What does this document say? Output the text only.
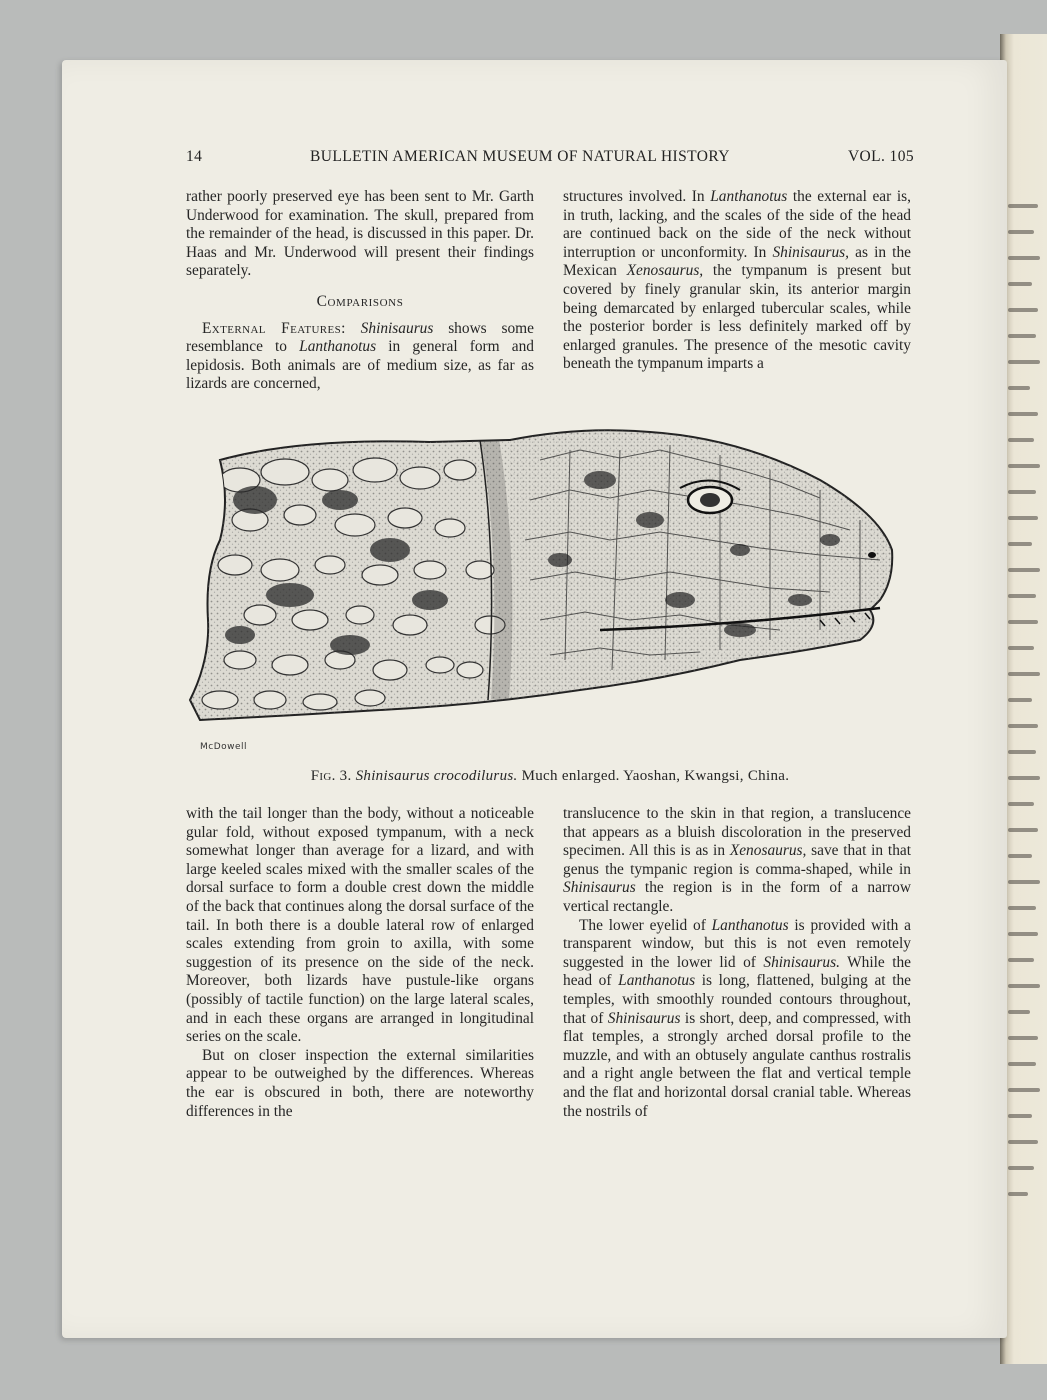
14	BULLETIN AMERICAN MUSEUM OF NATURAL HISTORY	VOL. 105

rather poorly preserved eye has been sent to Mr. Garth Underwood for examination. The skull, prepared from the remainder of the head, is discussed in this paper. Dr. Haas and Mr. Underwood will present their findings separately.

Comparisons

External Features: Shinisaurus shows some resemblance to Lanthanotus in general form and lepidosis. Both animals are of medium size, as far as lizards are concerned,

structures involved. In Lanthanotus the external ear is, in truth, lacking, and the scales of the side of the head are continued back on the side of the neck without interruption or unconformity. In Shinisaurus, as in the Mexican Xenosaurus, the tympanum is present but covered by finely granular skin, its anterior margin being demarcated by enlarged tubercular scales, while the posterior border is less definitely marked off by enlarged granules. The presence of the mesotic cavity beneath the tympanum imparts a

McDowell
Fig. 3. Shinisaurus crocodilurus. Much enlarged. Yaoshan, Kwangsi, China.

with the tail longer than the body, without a noticeable gular fold, without exposed tympanum, with a neck somewhat longer than average for a lizard, and with large keeled scales mixed with the smaller scales of the dorsal surface to form a double crest down the middle of the back that continues along the dorsal surface of the tail. In both there is a double lateral row of enlarged scales extending from groin to axilla, with some suggestion of its presence on the side of the neck. Moreover, both lizards have pustule-like organs (possibly of tactile function) on the large lateral scales, and in each these organs are arranged in longitudinal series on the scale.

But on closer inspection the external similarities appear to be outweighed by the differences. Whereas the ear is obscured in both, there are noteworthy differences in the

translucence to the skin in that region, a translucence that appears as a bluish discoloration in the preserved specimen. All this is as in Xenosaurus, save that in that genus the tympanic region is comma-shaped, while in Shinisaurus the region is in the form of a narrow vertical rectangle.

The lower eyelid of Lanthanotus is provided with a transparent window, but this is not even remotely suggested in the lower lid of Shinisaurus. While the head of Lanthanotus is long, flattened, bulging at the temples, with smoothly rounded contours throughout, that of Shinisaurus is short, deep, and compressed, with flat temples, a strongly arched dorsal profile to the muzzle, and with an obtusely angulate canthus rostralis and a right angle between the flat and vertical temple and the flat and horizontal dorsal cranial table. Whereas the nostrils of
